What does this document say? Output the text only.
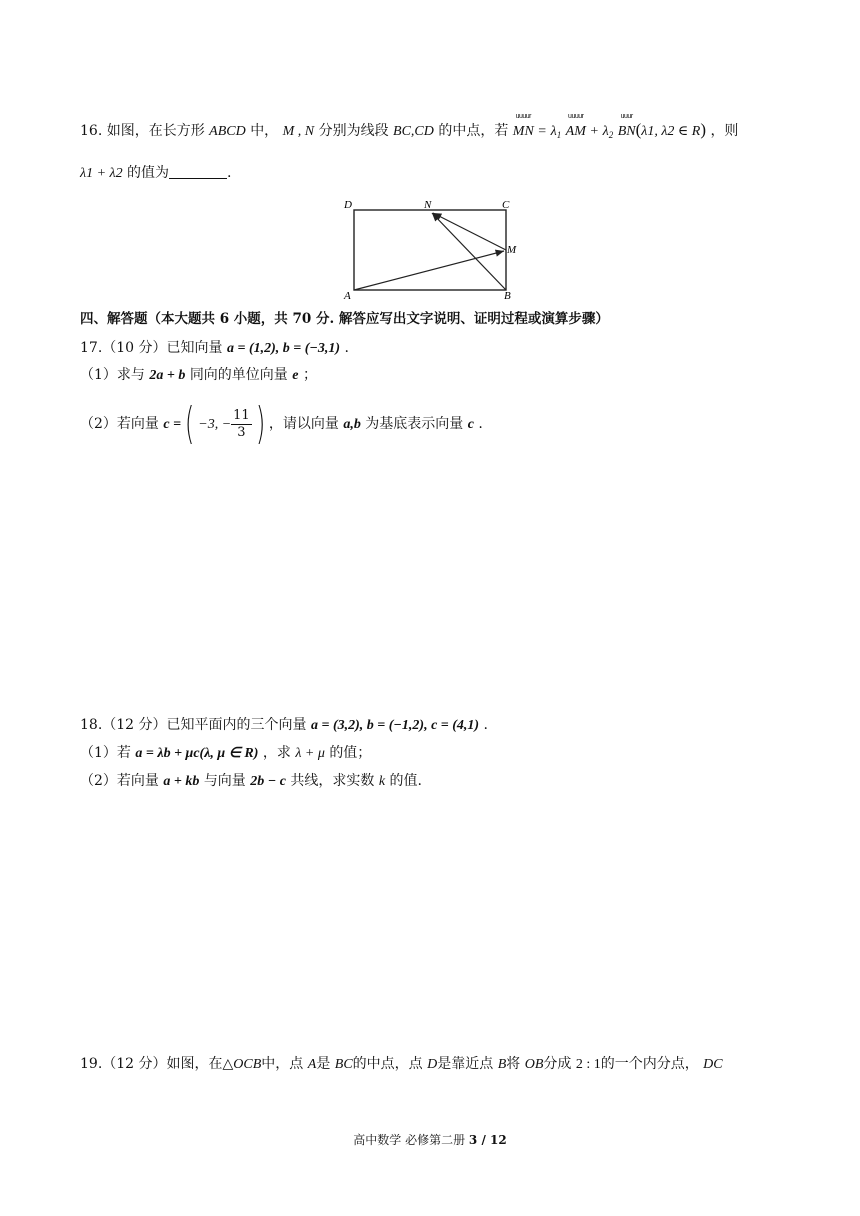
16. 如图，在长方形 ABCD 中， M , N 分别为线段 BC,CD 的中点，若
uuuur
MN = $\lambda_1$
uuuur
AM + $\lambda_2$
uuur
BN(λ1, λ2 ∈ R) ，则
λ1 + λ2 的值为	.
D	N	C
M
A	B
四、解答题（本大题共 6 小题，共 70 分. 解答应写出文字说明、证明过程或演算步骤）
17.（10 分）已知向量 a = (1,2), b = (−3,1) .
（1）求与 2a + b 同向的单位向量 e ；
（2）若向量 c =( −3, − $\frac{11}{3}$ ) ，请以向量 a,b 为基底表示向量 c .
18.（12 分）已知平面内的三个向量 a = (3,2), b = (−1,2), c = (4,1) .
（1）若 a = λb + μc(λ, μ ∈ R) ，求 λ + μ 的值；
（2）若向量 a + kb 与向量 2b − c 共线，求实数 k 的值.
19.（12 分）如图，在△OCB中，点 A是 BC的中点，点 D是靠近点 B将 OB分成 2 : 1的一个内分点， DC
高中数学 必修第二册 3 / 12
